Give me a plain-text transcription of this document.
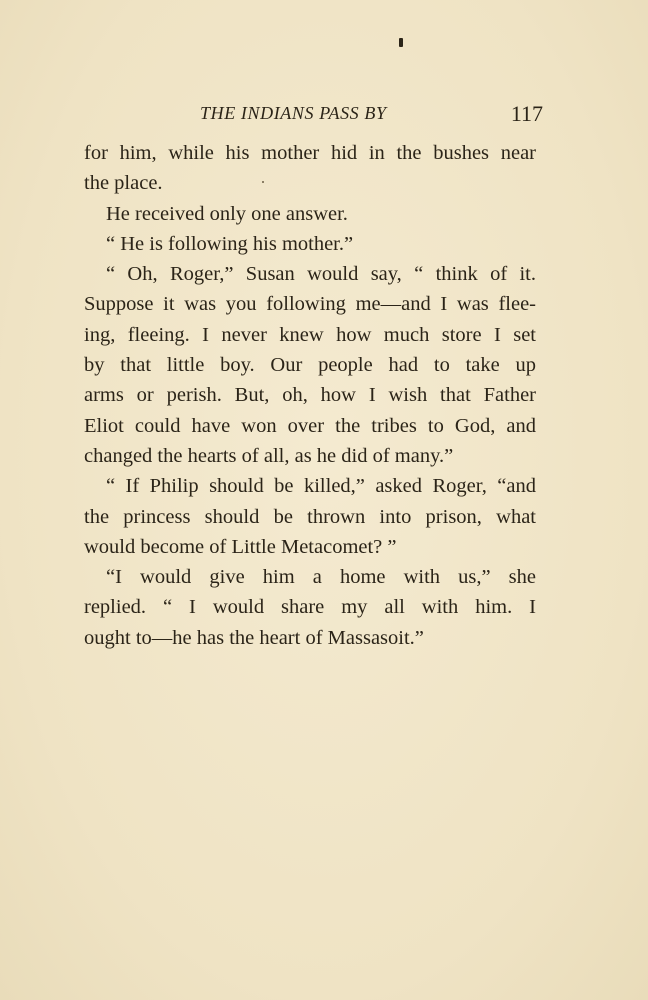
THE INDIANS PASS BY	117
for him, while his mother hid in the bushes near
the place.
He received only one answer.
“ He is following his mother.”
“ Oh, Roger,” Susan would say, “ think of it.
Suppose it was you following me—and I was flee-
ing, fleeing. I never knew how much store I set
by that little boy. Our people had to take up
arms or perish. But, oh, how I wish that Father
Eliot could have won over the tribes to God, and
changed the hearts of all, as he did of many.”
“ If Philip should be killed,” asked Roger, “and
the princess should be thrown into prison, what
would become of Little Metacomet? ”
“I would give him a home with us,” she
replied. “ I would share my all with him. I
ought to—he has the heart of Massasoit.”
